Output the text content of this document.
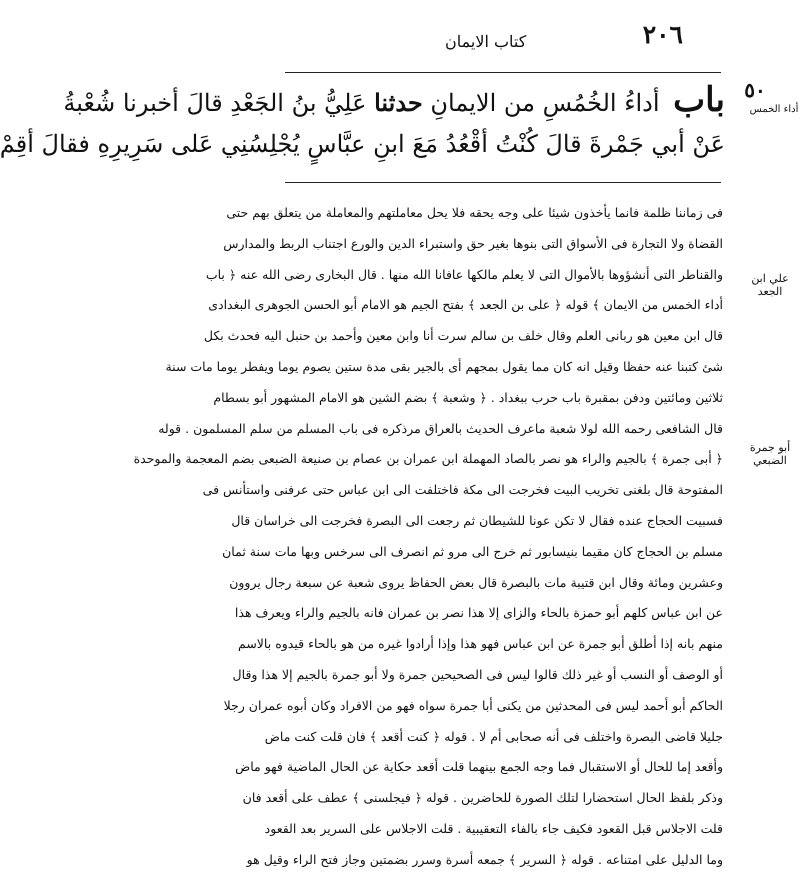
٢٠٦
كتاب الايمان
٥٠
أداء الخمس
علي ابن الجعد
أبو جمرة الضبعي
باب أداءُ الخُمُسِ من الايمانِ حدثنا عَلِيُّ بنُ الجَعْدِ قالَ أخبرنا شُعْبةُ
عَنْ أبي جَمْرةَ قالَ كُنْتُ أقْعُدُ مَعَ ابنِ عبَّاسٍ يُجْلِسُنِي عَلى سَرِيرِهِ فقالَ أقِمْ
فى زماننا ظلمة فانما يأخذون شيئا على وجه يحقه فلا يحل معاملتهم والمعاملة من يتعلق بهم حتى
القضاة ولا التجارة فى الأسواق التى بنوها بغير حق واستبراء الدين والورع اجتناب الربط والمدارس
والقناطر التى أنشؤوها بالأموال التى لا يعلم مالكها عافانا الله منها . قال البخارى رضى الله عنه ﴿ باب
أداء الخمس من الايمان ﴾ قوله ﴿ على بن الجعد ﴾ بفتح الجيم هو الامام أبو الحسن الجوهرى البغدادى
قال ابن معين هو ربانى العلم وقال خلف بن سالم سرت أنا وابن معين وأحمد بن حنبل اليه فحدث بكل
شئ كتبنا عنه حفظا وقيل انه كان مما يقول بمجهم أى بالجير بقى مدة ستين يصوم يوما ويفطر يوما مات سنة
ثلاثين ومائتين ودفن بمقبرة باب حرب ببغداد . ﴿ وشعبة ﴾ بضم الشين هو الامام المشهور أبو بسطام
قال الشافعى رحمه الله لولا شعبة ماعرف الحديث بالعراق مرذكره فى باب المسلم من سلم المسلمون . قوله
﴿ أبى جمرة ﴾ بالجيم والراء هو نصر بالصاد المهملة ابن عمران بن عصام بن صنيعة الضبعى بضم المعجمة والموحدة
المفتوحة قال بلغنى تخريب البيت فخرجت الى مكة فاختلفت الى ابن عباس حتى عرفنى واستأنس فى
فسبيت الحجاج عنده فقال لا تكن عونا للشيطان ثم رجعت الى البصرة فخرجت الى خراسان قال
مسلم بن الحجاج كان مقيما بنيسابور ثم خرج الى مرو ثم انصرف الى سرخس وبها مات سنة ثمان
وعشرين ومائة وقال ابن قتيبة مات بالبصرة قال بعض الحفاظ يروى شعبة عن سبعة رجال يروون
عن ابن عباس كلهم أبو حمزة بالحاء والزاى إلا هذا نصر بن عمران فانه بالجيم والراء ويعرف هذا
منهم بانه إذا أطلق أبو جمرة عن ابن عباس فهو هذا وإذا أرادوا غيره من هو بالحاء قيدوه بالاسم
أو الوصف أو النسب أو غير ذلك قالوا ليس فى الصحيحين جمرة ولا أبو جمرة بالجيم إلا هذا وقال
الحاكم أبو أحمد ليس فى المحدثين من يكنى أبا جمرة سواه فهو من الافراد وكان أبوه عمران رجلا
جليلا قاضى البصرة واختلف فى أنه صحابى أم لا . قوله ﴿ كنت أقعد ﴾ فان قلت كنت ماض
وأقعد إما للحال أو الاستقبال فما وجه الجمع بينهما قلت أقعد حكاية عن الحال الماضية فهو ماض
وذكر بلفظ الحال استحضارا لتلك الصورة للحاضرين . قوله ﴿ فيجلسنى ﴾ عطف على أقعد فان
قلت الاجلاس قبل القعود فكيف جاء بالفاء التعقيبية . قلت الاجلاس على السرير بعد القعود
وما الدليل على امتناعه . قوله ﴿ السرير ﴾ جمعه أسرة وسرر بضمتين وجاز فتح الراء وقيل هو
